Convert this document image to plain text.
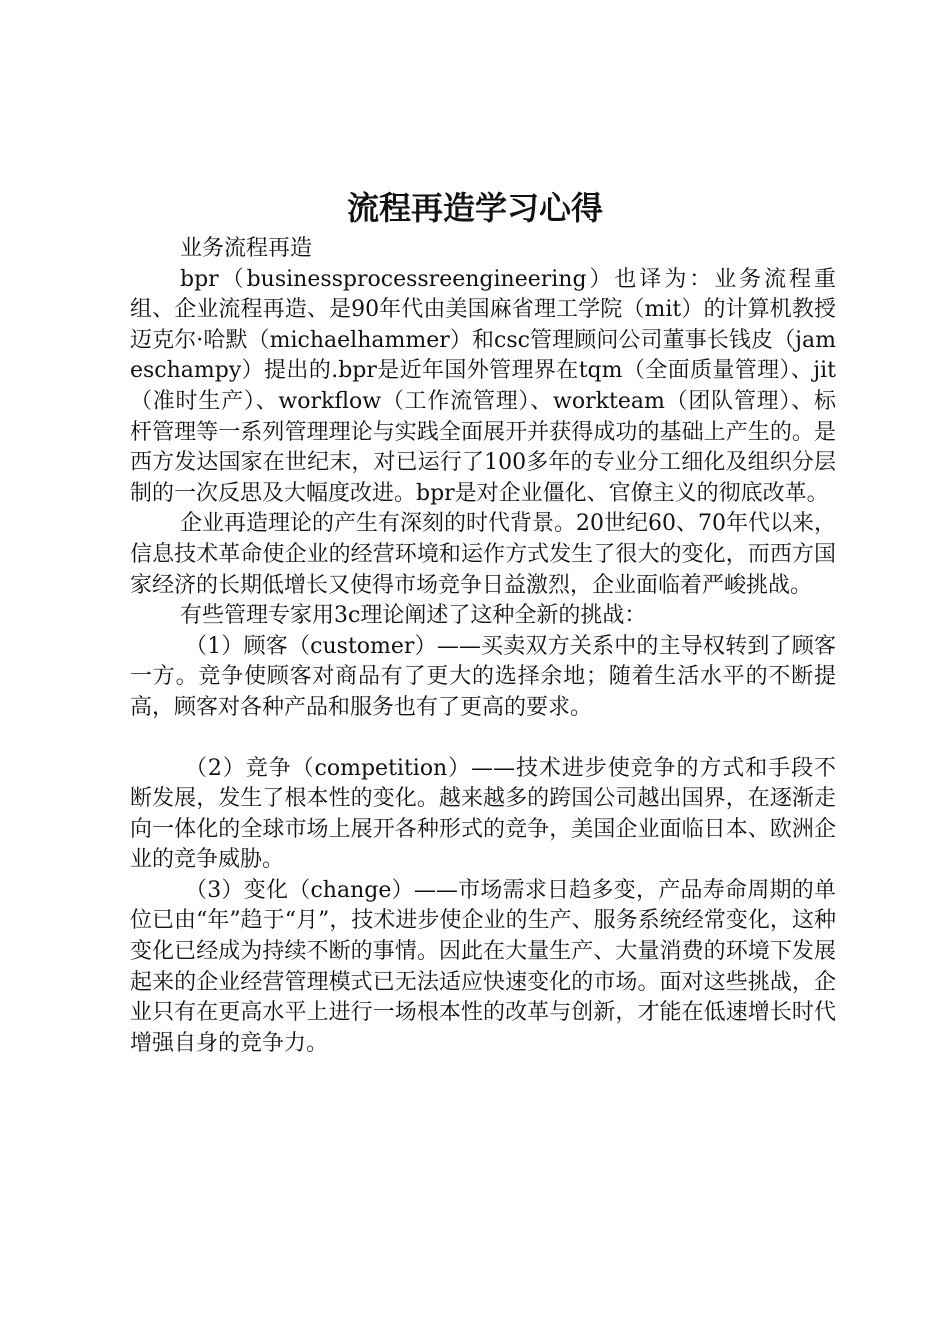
流程再造学习心得

业务流程再造

bpr（businessprocessreengineering）也译为：业务流程重组、企业流程再造、是90年代由美国麻省理工学院（mit）的计算机教授迈克尔·哈默（michaelhammer）和csc管理顾问公司董事长钱皮（jameschampy）提出的.bpr是近年国外管理界在tqm（全面质量管理）、jit（准时生产）、workflow（工作流管理）、workteam（团队管理）、标杆管理等一系列管理理论与实践全面展开并获得成功的基础上产生的。是西方发达国家在世纪末，对已运行了100多年的专业分工细化及组织分层制的一次反思及大幅度改进。bpr是对企业僵化、官僚主义的彻底改革。

企业再造理论的产生有深刻的时代背景。20世纪60、70年代以来，信息技术革命使企业的经营环境和运作方式发生了很大的变化，而西方国家经济的长期低增长又使得市场竞争日益激烈，企业面临着严峻挑战。

有些管理专家用3c理论阐述了这种全新的挑战：

（1）顾客（customer）——买卖双方关系中的主导权转到了顾客一方。竞争使顾客对商品有了更大的选择余地；随着生活水平的不断提高，顾客对各种产品和服务也有了更高的要求。

（2）竞争（competition）——技术进步使竞争的方式和手段不断发展，发生了根本性的变化。越来越多的跨国公司越出国界，在逐渐走向一体化的全球市场上展开各种形式的竞争，美国企业面临日本、欧洲企业的竞争威胁。

（3）变化（change）——市场需求日趋多变，产品寿命周期的单位已由“年”趋于“月”，技术进步使企业的生产、服务系统经常变化，这种变化已经成为持续不断的事情。因此在大量生产、大量消费的环境下发展起来的企业经营管理模式已无法适应快速变化的市场。面对这些挑战，企业只有在更高水平上进行一场根本性的改革与创新，才能在低速增长时代增强自身的竞争力。
